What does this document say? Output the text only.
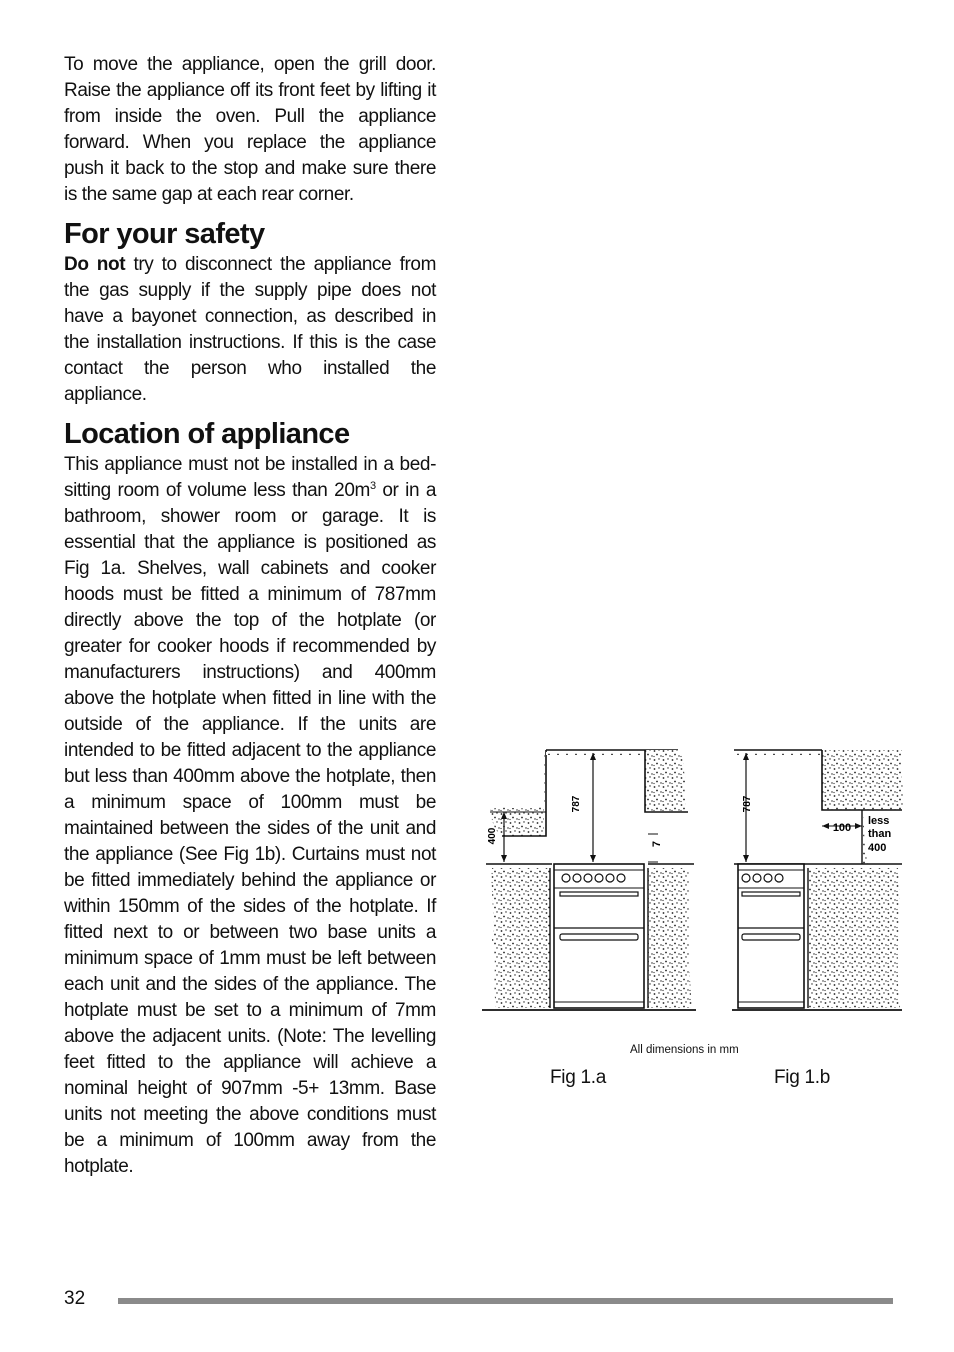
To move the appliance, open the grill door. Raise the appliance off its front feet by lifting it from inside the oven. Pull the appliance forward. When you replace the appliance push it back to the stop and make sure there is the same gap at each rear corner.

For your safety

Do not try to disconnect the appliance from the gas supply if the supply pipe does not have a bayonet connection, as described in the installation instructions. If this is the case contact the person who installed the appliance.

Location of appliance

This appliance must not be installed in a bed-sitting room of volume less than $20m^3$ or in a bathroom, shower room or garage. It is essential that the appliance is positioned as Fig 1a. Shelves, wall cabinets and cooker hoods must be fitted a minimum of 787mm directly above the top of the hotplate (or greater for cooker hoods if recommended by manufacturers instructions) and 400mm above the hotplate when fitted in line with the outside of the appliance. If the units are intended to be fitted adjacent to the appliance but less than 400mm above the hotplate, then a minimum space of 100mm must be maintained between the sides of the unit and the appliance (See Fig 1b). Curtains must not be fitted immediately behind the appliance or within 150mm of the sides of the hotplate. If fitted next to or between two base units a minimum space of 1mm must be left between each unit and the sides of the appliance. The hotplate must be set to a minimum of 7mm above the adjacent units. (Note: The levelling feet fitted to the appliance will achieve a nominal height of 907mm -5+ 13mm. Base units not meeting the above conditions must be a minimum of 100mm away from the hotplate.

787
400	7
787
100
less
than
400
All dimensions in mm
Fig 1.a	Fig 1.b
32
